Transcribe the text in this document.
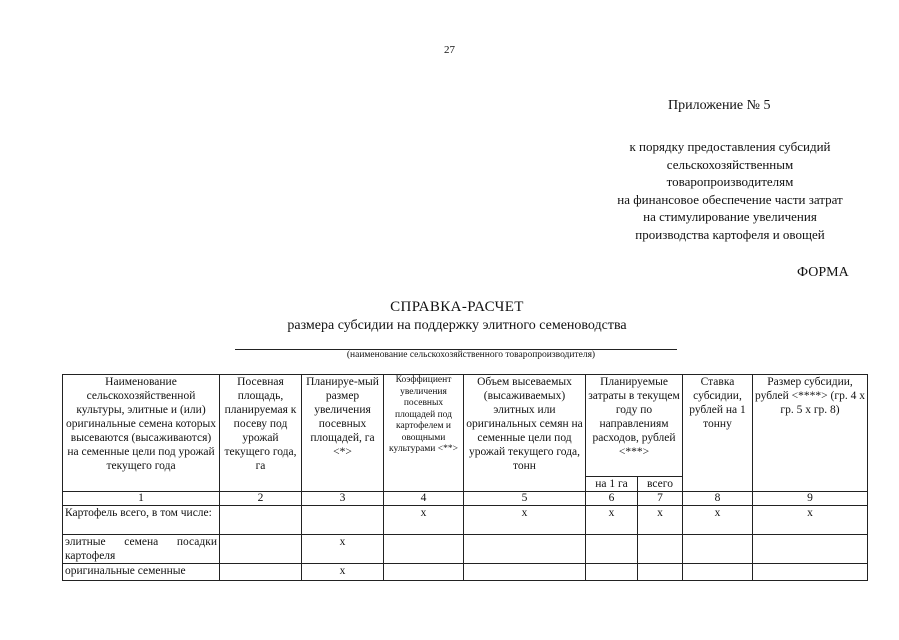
27
Приложение № 5
к порядку предоставления субсидий
сельскохозяйственным
товаропроизводителям
на финансовое обеспечение части затрат
на стимулирование увеличения
производства картофеля и овощей
ФОРМА
СПРАВКА-РАСЧЕТ
размера субсидии на поддержку элитного семеноводства
(наименование сельскохозяйственного товаропроизводителя)
Наименование сельскохозяйственной культуры, элитные и (или) оригинальные семена которых высеваются (высаживаются) на семенные цели под урожай текущего года	Посевная площадь, планируемая к посеву под урожай текущего года, га	Планируе-мый размер увеличения посевных площадей, га <*>	Коэффициент увеличения посевных площадей под картофелем и овощными культурами <**>	Объем высеваемых (высаживаемых) элитных или оригинальных семян на семенные цели под урожай текущего года, тонн	Планируемые затраты в текущем году по направлениям расходов, рублей <***>		Ставка субсидии, рублей на 1 тонну	Размер субсидии, рублей <****> (гр. 4 х гр. 5 х гр. 8)
					на 1 га	всего		
1	2	3	4	5	6	7	8	9
Картофель всего, в том числе:			x	x	x	x	x	x
элитные семена посадки картофеля		x						
оригинальные семенные		x						
